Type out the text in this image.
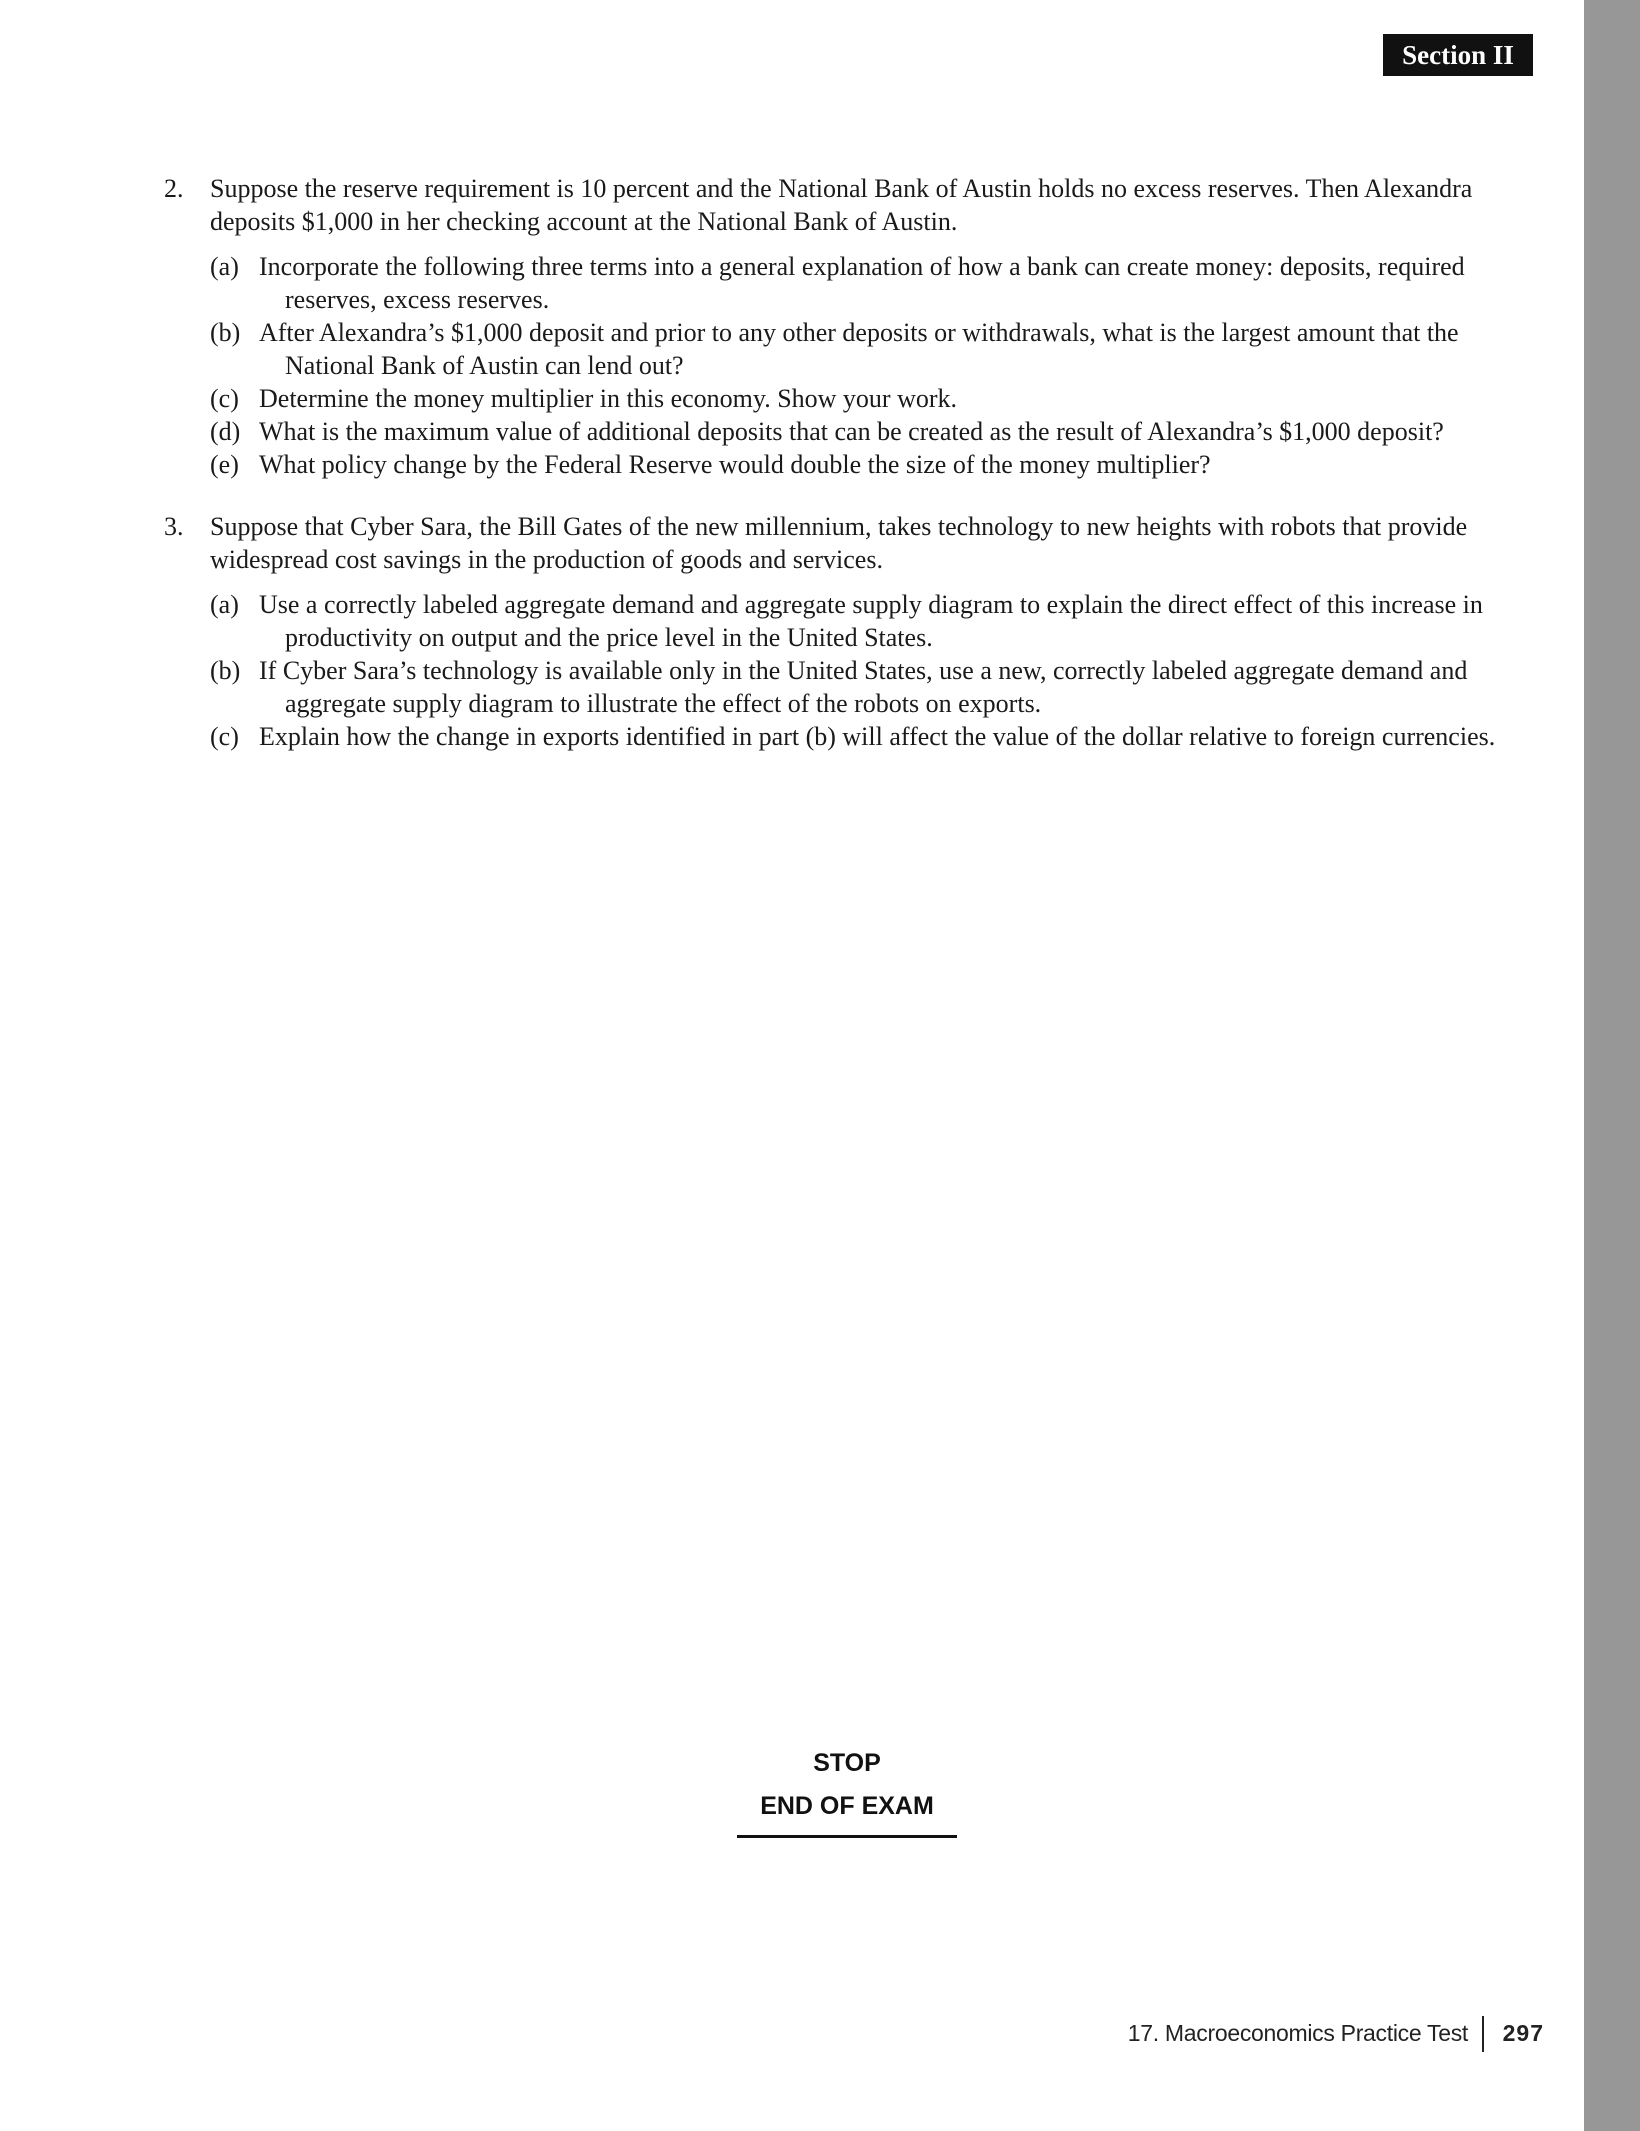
Section II
2.	Suppose the reserve requirement is 10 percent and the National Bank of Austin holds no excess reserves. Then Alexandra deposits $1,000 in her checking account at the National Bank of Austin.
(a) Incorporate the following three terms into a general explanation of how a bank can create money: deposits, required reserves, excess reserves.
(b) After Alexandra’s $1,000 deposit and prior to any other deposits or withdrawals, what is the largest amount that the National Bank of Austin can lend out?
(c) Determine the money multiplier in this economy. Show your work.
(d) What is the maximum value of additional deposits that can be created as the result of Alexandra’s $1,000 deposit?
(e) What policy change by the Federal Reserve would double the size of the money multiplier?
3.	Suppose that Cyber Sara, the Bill Gates of the new millennium, takes technology to new heights with robots that provide widespread cost savings in the production of goods and services.
(a) Use a correctly labeled aggregate demand and aggregate supply diagram to explain the direct effect of this increase in productivity on output and the price level in the United States.
(b) If Cyber Sara’s technology is available only in the United States, use a new, correctly labeled aggregate demand and aggregate supply diagram to illustrate the effect of the robots on exports.
(c) Explain how the change in exports identified in part (b) will affect the value of the dollar relative to foreign currencies.
STOP
END OF EXAM
17. Macroeconomics Practice Test 297
